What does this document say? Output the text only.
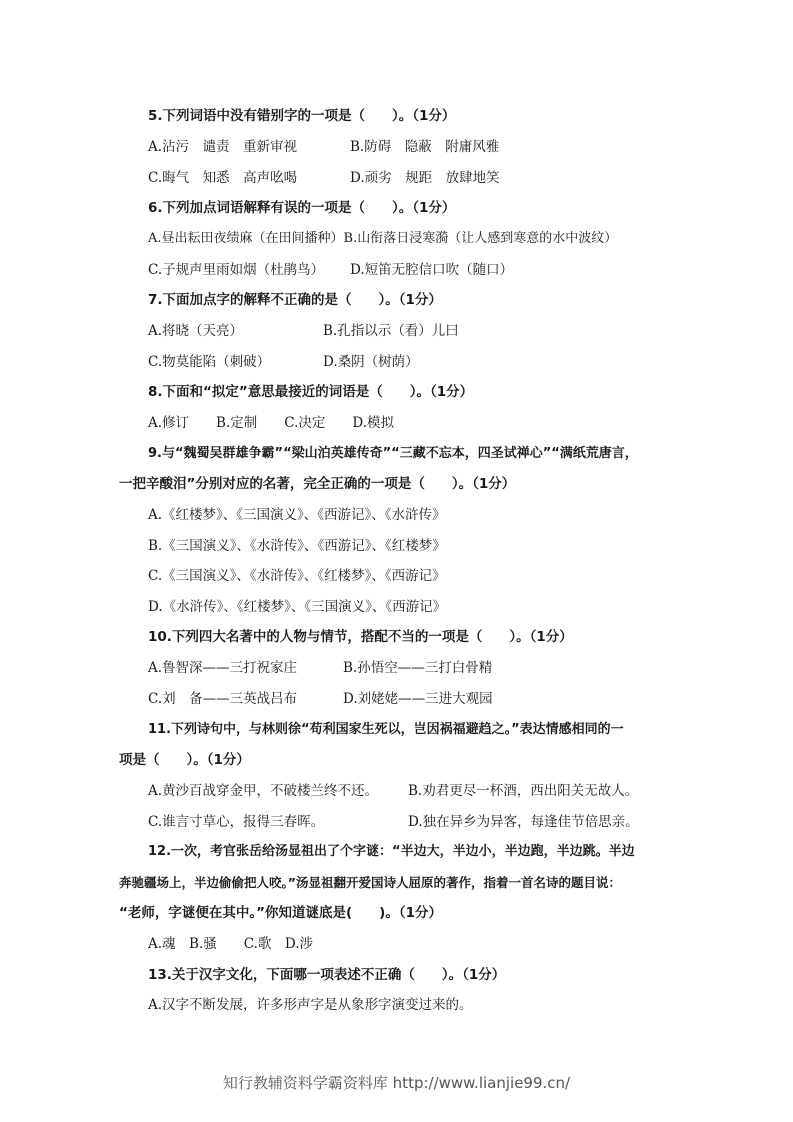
5.下列词语中没有错别字的一项是（　　）。（1分）
A.沾污　谴责　重新审视	B.防碍　隐蔽　附庸风雅
C.晦气　知悉　高声吆喝	D.顽劣　规距　放肆地笑
6.下列加点词语解释有误的一项是（　　）。（1分）
A.昼出耘田夜绩麻（在田间播种）B.山衔落日浸寒漪（让人感到寒意的水中波纹）
C.子规声里雨如烟（杜鹃鸟） D.短笛无腔信口吹（随口）
7.下面加点字的解释不正确的是（　　）。（1分）
A.将晓（天亮）	B.孔指以示（看）儿曰
C.物莫能陷（刺破）	D.桑阴（树荫）
8.下面和“拟定”意思最接近的词语是（　　）。（1分）
A.修订　　B.定制　　C.决定　　D.模拟
9.与“魏蜀吴群雄争霸”“梁山泊英雄传奇”“三藏不忘本，四圣试禅心”“满纸荒唐言，
一把辛酸泪”分别对应的名著，完全正确的一项是（　　）。（1分）
A.《红楼梦》、《三国演义》、《西游记》、《水浒传》
B.《三国演义》、《水浒传》、《西游记》、《红楼梦》
C.《三国演义》、《水浒传》、《红楼梦》、《西游记》
D.《水浒传》、《红楼梦》、《三国演义》、《西游记》
10.下列四大名著中的人物与情节，搭配不当的一项是（　　）。（1分）
A.鲁智深——三打祝家庄	B.孙悟空——三打白骨精
C.刘　备——三英战吕布	D.刘姥姥——三进大观园
11.下列诗句中，与林则徐“苟利国家生死以，岂因祸福避趋之。”表达情感相同的一
项是（　　）。（1分）
A.黄沙百战穿金甲，不破楼兰终不还。 B.劝君更尽一杯酒，西出阳关无故人。
C.谁言寸草心，报得三春晖。	D.独在异乡为异客，每逢佳节倍思亲。
12.一次，考官张岳给汤显祖出了个字谜：“半边大，半边小，半边跑，半边跳。半边
奔驰疆场上，半边偷偷把人咬。”汤显祖翻开爱国诗人屈原的著作，指着一首名诗的题目说：
“老师，字谜便在其中。”你知道谜底是(　　)。（1分）
A.魂　B.骚　　C.歌　D.涉
13.关于汉字文化，下面哪一项表述不正确（　　）。（1分）
A.汉字不断发展，许多形声字是从象形字演变过来的。
知行教辅资料学霸资料库 http://www.lianjie99.cn/
